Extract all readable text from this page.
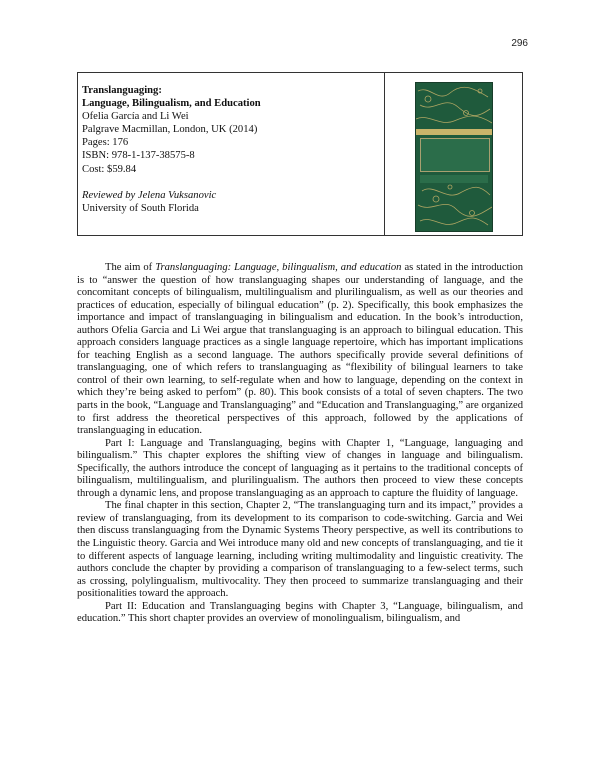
296
Translanguaging:
Language, Bilingualism, and Education
Ofelia García and Li Wei
Palgrave Macmillan, London, UK (2014)
Pages: 176
ISBN: 978-1-137-38575-8
Cost: $59.84
Reviewed by Jelena Vuksanovic
University of South Florida

The aim of Translanguaging: Language, bilingualism, and education as stated in the introduction is to “answer the question of how translanguaging shapes our understanding of language, and the concomitant concepts of bilingualism, multilingualism and plurilingualism, as well as our theories and practices of education, especially of bilingual education” (p. 2). Specifically, this book emphasizes the importance and impact of translanguaging in bilingualism and education. In the book’s introduction, authors Ofelia Garcia and Li Wei argue that translanguaging is an approach to bilingual education. This approach considers language practices as a single language repertoire, which has important implications for teaching English as a second language. The authors specifically provide several definitions of translanguaging, one of which refers to translanguaging as “flexibility of bilingual learners to take control of their own learning, to self-regulate when and how to language, depending on the context in which they’re being asked to perfom” (p. 80). This book consists of a total of seven chapters. The two parts in the book, “Language and Translanguaging” and “Education and Translanguaging,” are organized to first address the theoretical perspectives of this approach, followed by the applications of translanguaging in education.

Part I: Language and Translanguaging, begins with Chapter 1, “Language, languaging and bilingualism.” This chapter explores the shifting view of changes in language and bilingualism. Specifically, the authors introduce the concept of languaging as it pertains to the traditional concepts of bilingualism, multilingualism, and plurilingualism. The authors then proceed to view these concepts through a dynamic lens, and propose translanguaging as an approach to capture the fluidity of language.

The final chapter in this section, Chapter 2, “The translanguaging turn and its impact,” provides a review of translanguaging, from its development to its comparison to code-switching. Garcia and Wei then discuss translanguaging from the Dynamic Systems Theory perspective, as well its contributions to the Linguistic theory. Garcia and Wei introduce many old and new concepts of translanguaging, and tie it to different aspects of language learning, including writing multimodality and linguistic creativity. The authors conclude the chapter by providing a comparison of translanguaging to a few-select terms, such as crossing, polylingualism, multivocality. They then proceed to summarize translanguaging and their positionalities toward the approach.

Part II: Education and Translanguaging begins with Chapter 3, “Language, bilingualism, and education.” This short chapter provides an overview of monolingualism, bilingualism, and
